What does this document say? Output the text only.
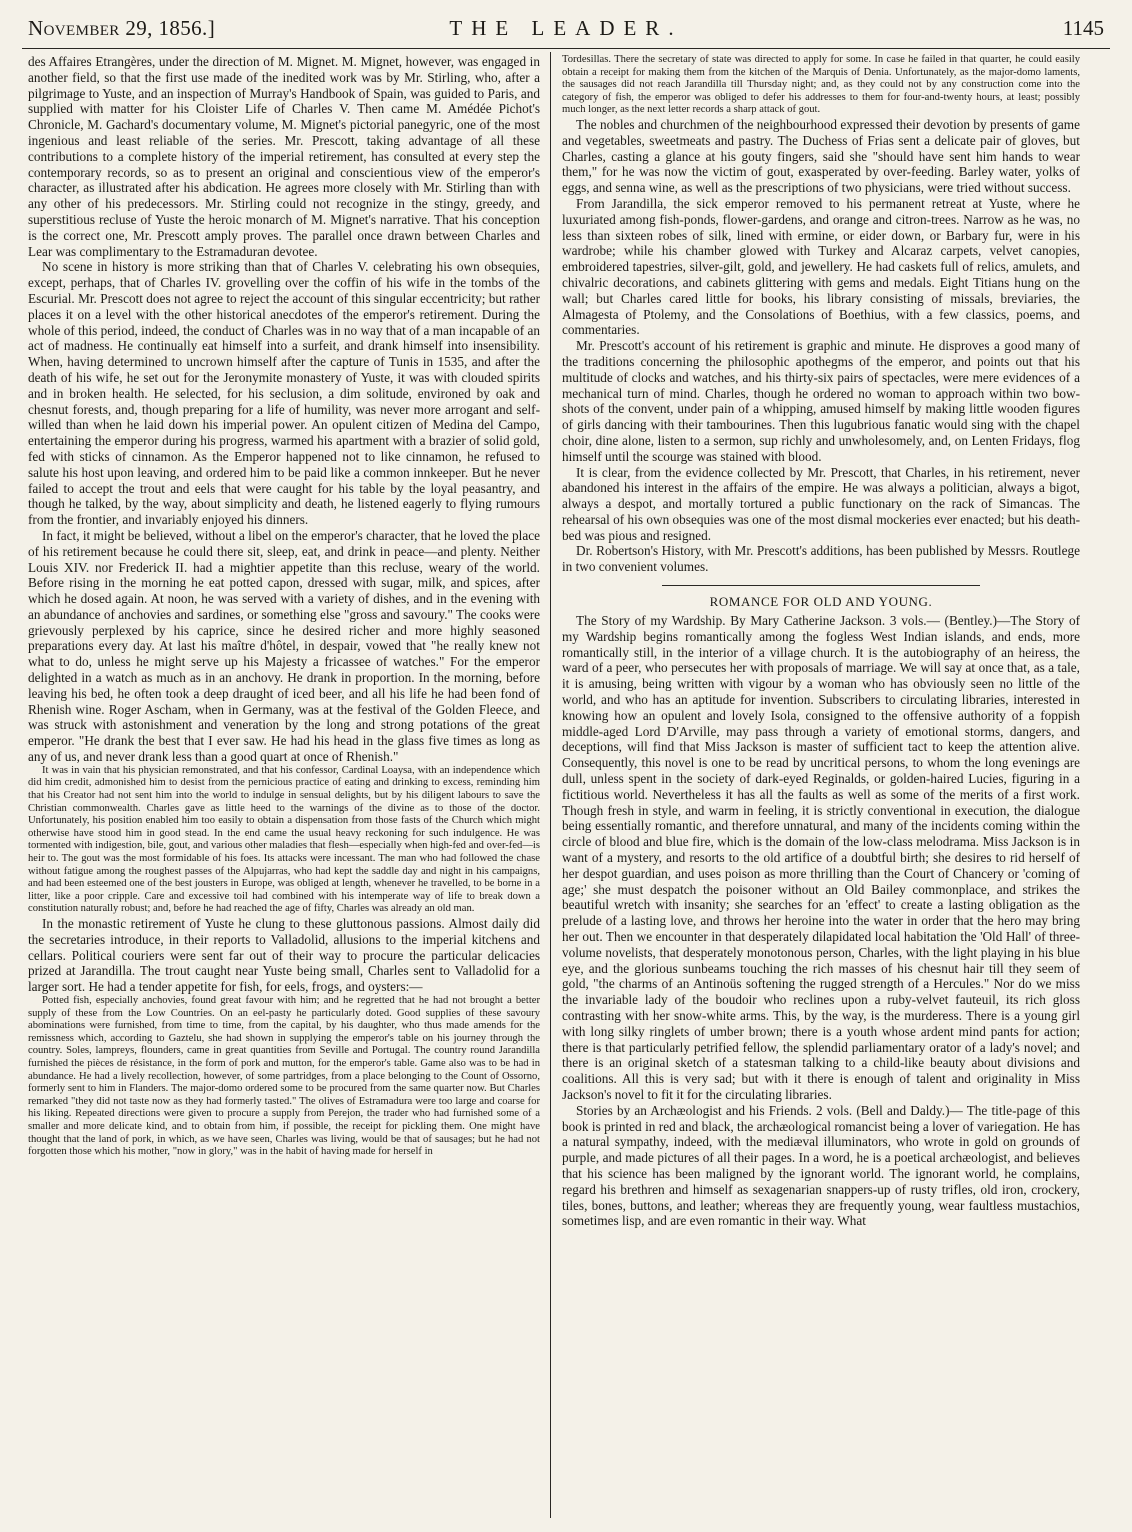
November 29, 1856.]	THE LEADER.	1145

des Affaires Etrangères, under the direction of M. Mignet. M. Mignet, however, was engaged in another field, so that the first use made of the inedited work was by Mr. Stirling, who, after a pilgrimage to Yuste, and an inspection of Murray's Handbook of Spain, was guided to Paris, and supplied with matter for his Cloister Life of Charles V. Then came M. Amédée Pichot's Chronicle, M. Gachard's documentary volume, M. Mignet's pictorial panegyric, one of the most ingenious and least reliable of the series. Mr. Prescott, taking advantage of all these contributions to a complete history of the imperial retirement, has consulted at every step the contemporary records, so as to present an original and conscientious view of the emperor's character, as illustrated after his abdication. He agrees more closely with Mr. Stirling than with any other of his predecessors. Mr. Stirling could not recognize in the stingy, greedy, and superstitious recluse of Yuste the heroic monarch of M. Mignet's narrative. That his conception is the correct one, Mr. Prescott amply proves. The parallel once drawn between Charles and Lear was complimentary to the Estramaduran devotee.

No scene in history is more striking than that of Charles V. celebrating his own obsequies, except, perhaps, that of Charles IV. grovelling over the coffin of his wife in the tombs of the Escurial. Mr. Prescott does not agree to reject the account of this singular eccentricity; but rather places it on a level with the other historical anecdotes of the emperor's retirement. During the whole of this period, indeed, the conduct of Charles was in no way that of a man incapable of an act of madness. He continually eat himself into a surfeit, and drank himself into insensibility. When, having determined to uncrown himself after the capture of Tunis in 1535, and after the death of his wife, he set out for the Jeronymite monastery of Yuste, it was with clouded spirits and in broken health. He selected, for his seclusion, a dim solitude, environed by oak and chesnut forests, and, though preparing for a life of humility, was never more arrogant and self-willed than when he laid down his imperial power. An opulent citizen of Medina del Campo, entertaining the emperor during his progress, warmed his apartment with a brazier of solid gold, fed with sticks of cinnamon. As the Emperor happened not to like cinnamon, he refused to salute his host upon leaving, and ordered him to be paid like a common innkeeper. But he never failed to accept the trout and eels that were caught for his table by the loyal peasantry, and though he talked, by the way, about simplicity and death, he listened eagerly to flying rumours from the frontier, and invariably enjoyed his dinners.

In fact, it might be believed, without a libel on the emperor's character, that he loved the place of his retirement because he could there sit, sleep, eat, and drink in peace—and plenty. Neither Louis XIV. nor Frederick II. had a mightier appetite than this recluse, weary of the world. Before rising in the morning he eat potted capon, dressed with sugar, milk, and spices, after which he dosed again. At noon, he was served with a variety of dishes, and in the evening with an abundance of anchovies and sardines, or something else "gross and savoury." The cooks were grievously perplexed by his caprice, since he desired richer and more highly seasoned preparations every day. At last his maître d'hôtel, in despair, vowed that "he really knew not what to do, unless he might serve up his Majesty a fricassee of watches." For the emperor delighted in a watch as much as in an anchovy. He drank in proportion. In the morning, before leaving his bed, he often took a deep draught of iced beer, and all his life he had been fond of Rhenish wine. Roger Ascham, when in Germany, was at the festival of the Golden Fleece, and was struck with astonishment and veneration by the long and strong potations of the great emperor. "He drank the best that I ever saw. He had his head in the glass five times as long as any of us, and never drank less than a good quart at once of Rhenish."

It was in vain that his physician remonstrated, and that his confessor, Cardinal Loaysa, with an independence which did him credit, admonished him to desist from the pernicious practice of eating and drinking to excess, reminding him that his Creator had not sent him into the world to indulge in sensual delights, but by his diligent labours to save the Christian commonwealth. Charles gave as little heed to the warnings of the divine as to those of the doctor. Unfortunately, his position enabled him too easily to obtain a dispensation from those fasts of the Church which might otherwise have stood him in good stead. In the end came the usual heavy reckoning for such indulgence. He was tormented with indigestion, bile, gout, and various other maladies that flesh—especially when high-fed and over-fed—is heir to. The gout was the most formidable of his foes. Its attacks were incessant. The man who had followed the chase without fatigue among the roughest passes of the Alpujarras, who had kept the saddle day and night in his campaigns, and had been esteemed one of the best jousters in Europe, was obliged at length, whenever he travelled, to be borne in a litter, like a poor cripple. Care and excessive toil had combined with his intemperate way of life to break down a constitution naturally robust; and, before he had reached the age of fifty, Charles was already an old man.

In the monastic retirement of Yuste he clung to these gluttonous passions. Almost daily did the secretaries introduce, in their reports to Valladolid, allusions to the imperial kitchens and cellars. Political couriers were sent far out of their way to procure the particular delicacies prized at Jarandilla. The trout caught near Yuste being small, Charles sent to Valladolid for a larger sort. He had a tender appetite for fish, for eels, frogs, and oysters:—

Potted fish, especially anchovies, found great favour with him; and he regretted that he had not brought a better supply of these from the Low Countries. On an eel-pasty he particularly doted. Good supplies of these savoury abominations were furnished, from time to time, from the capital, by his daughter, who thus made amends for the remissness which, according to Gaztelu, she had shown in supplying the emperor's table on his journey through the country. Soles, lampreys, flounders, came in great quantities from Seville and Portugal. The country round Jarandilla furnished the pièces de résistance, in the form of pork and mutton, for the emperor's table. Game also was to be had in abundance. He had a lively recollection, however, of some partridges, from a place belonging to the Count of Ossorno, formerly sent to him in Flanders. The major-domo ordered some to be procured from the same quarter now. But Charles remarked "they did not taste now as they had formerly tasted." The olives of Estramadura were too large and coarse for his liking. Repeated directions were given to procure a supply from Perejon, the trader who had furnished some of a smaller and more delicate kind, and to obtain from him, if possible, the receipt for pickling them. One might have thought that the land of pork, in which, as we have seen, Charles was living, would be that of sausages; but he had not forgotten those which his mother, "now in glory," was in the habit of having made for herself in

Tordesillas. There the secretary of state was directed to apply for some. In case he failed in that quarter, he could easily obtain a receipt for making them from the kitchen of the Marquis of Denia. Unfortunately, as the major-domo laments, the sausages did not reach Jarandilla till Thursday night; and, as they could not by any construction come into the category of fish, the emperor was obliged to defer his addresses to them for four-and-twenty hours, at least; possibly much longer, as the next letter records a sharp attack of gout.

The nobles and churchmen of the neighbourhood expressed their devotion by presents of game and vegetables, sweetmeats and pastry. The Duchess of Frias sent a delicate pair of gloves, but Charles, casting a glance at his gouty fingers, said she "should have sent him hands to wear them," for he was now the victim of gout, exasperated by over-feeding. Barley water, yolks of eggs, and senna wine, as well as the prescriptions of two physicians, were tried without success.

From Jarandilla, the sick emperor removed to his permanent retreat at Yuste, where he luxuriated among fish-ponds, flower-gardens, and orange and citron-trees. Narrow as he was, no less than sixteen robes of silk, lined with ermine, or eider down, or Barbary fur, were in his wardrobe; while his chamber glowed with Turkey and Alcaraz carpets, velvet canopies, embroidered tapestries, silver-gilt, gold, and jewellery. He had caskets full of relics, amulets, and chivalric decorations, and cabinets glittering with gems and medals. Eight Titians hung on the wall; but Charles cared little for books, his library consisting of missals, breviaries, the Almagesta of Ptolemy, and the Consolations of Boethius, with a few classics, poems, and commentaries.

Mr. Prescott's account of his retirement is graphic and minute. He disproves a good many of the traditions concerning the philosophic apothegms of the emperor, and points out that his multitude of clocks and watches, and his thirty-six pairs of spectacles, were mere evidences of a mechanical turn of mind. Charles, though he ordered no woman to approach within two bow-shots of the convent, under pain of a whipping, amused himself by making little wooden figures of girls dancing with their tambourines. Then this lugubrious fanatic would sing with the chapel choir, dine alone, listen to a sermon, sup richly and unwholesomely, and, on Lenten Fridays, flog himself until the scourge was stained with blood.

It is clear, from the evidence collected by Mr. Prescott, that Charles, in his retirement, never abandoned his interest in the affairs of the empire. He was always a politician, always a bigot, always a despot, and mortally tortured a public functionary on the rack of Simancas. The rehearsal of his own obsequies was one of the most dismal mockeries ever enacted; but his death-bed was pious and resigned.

Dr. Robertson's History, with Mr. Prescott's additions, has been published by Messrs. Routlege in two convenient volumes.

ROMANCE FOR OLD AND YOUNG.

The Story of my Wardship. By Mary Catherine Jackson. 3 vols.— (Bentley.)—The Story of my Wardship begins romantically among the fogless West Indian islands, and ends, more romantically still, in the interior of a village church. It is the autobiography of an heiress, the ward of a peer, who persecutes her with proposals of marriage. We will say at once that, as a tale, it is amusing, being written with vigour by a woman who has obviously seen no little of the world, and who has an aptitude for invention. Subscribers to circulating libraries, interested in knowing how an opulent and lovely Isola, consigned to the offensive authority of a foppish middle-aged Lord D'Arville, may pass through a variety of emotional storms, dangers, and deceptions, will find that Miss Jackson is master of sufficient tact to keep the attention alive. Consequently, this novel is one to be read by uncritical persons, to whom the long evenings are dull, unless spent in the society of dark-eyed Reginalds, or golden-haired Lucies, figuring in a fictitious world. Nevertheless it has all the faults as well as some of the merits of a first work. Though fresh in style, and warm in feeling, it is strictly conventional in execution, the dialogue being essentially romantic, and therefore unnatural, and many of the incidents coming within the circle of blood and blue fire, which is the domain of the low-class melodrama. Miss Jackson is in want of a mystery, and resorts to the old artifice of a doubtful birth; she desires to rid herself of her despot guardian, and uses poison as more thrilling than the Court of Chancery or 'coming of age;' she must despatch the poisoner without an Old Bailey commonplace, and strikes the beautiful wretch with insanity; she searches for an 'effect' to create a lasting obligation as the prelude of a lasting love, and throws her heroine into the water in order that the hero may bring her out. Then we encounter in that desperately dilapidated local habitation the 'Old Hall' of three-volume novelists, that desperately monotonous person, Charles, with the light playing in his blue eye, and the glorious sunbeams touching the rich masses of his chesnut hair till they seem of gold, "the charms of an Antinoüs softening the rugged strength of a Hercules." Nor do we miss the invariable lady of the boudoir who reclines upon a ruby-velvet fauteuil, its rich gloss contrasting with her snow-white arms. This, by the way, is the murderess. There is a young girl with long silky ringlets of umber brown; there is a youth whose ardent mind pants for action; there is that particularly petrified fellow, the splendid parliamentary orator of a lady's novel; and there is an original sketch of a statesman talking to a child-like beauty about divisions and coalitions. All this is very sad; but with it there is enough of talent and originality in Miss Jackson's novel to fit it for the circulating libraries.

Stories by an Archæologist and his Friends. 2 vols. (Bell and Daldy.)— The title-page of this book is printed in red and black, the archæological romancist being a lover of variegation. He has a natural sympathy, indeed, with the mediæval illuminators, who wrote in gold on grounds of purple, and made pictures of all their pages. In a word, he is a poetical archæologist, and believes that his science has been maligned by the ignorant world. The ignorant world, he complains, regard his brethren and himself as sexagenarian snappers-up of rusty trifles, old iron, crockery, tiles, bones, buttons, and leather; whereas they are frequently young, wear faultless mustachios, sometimes lisp, and are even romantic in their way. What
